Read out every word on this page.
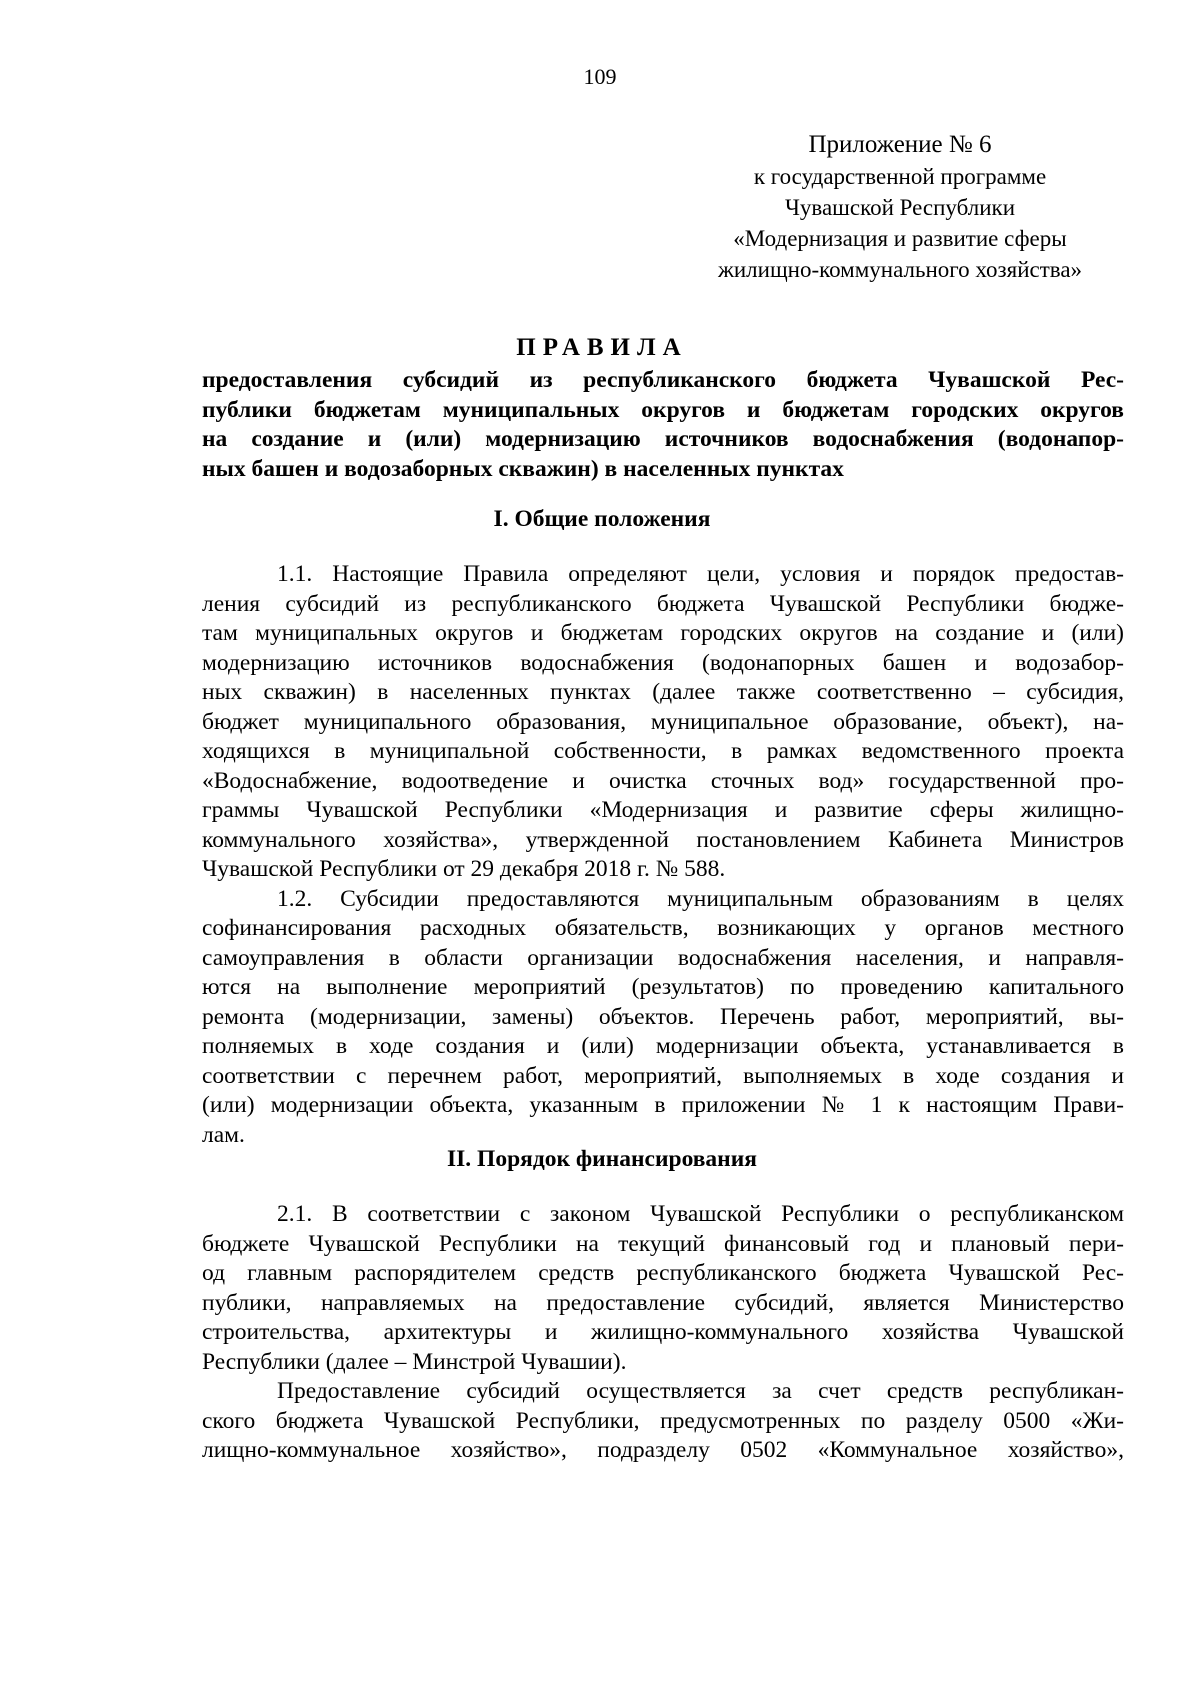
109
Приложение № 6
к государственной программе
Чувашской Республики
«Модернизация и развитие сферы
жилищно-коммунального хозяйства»
ПРАВИЛА
предоставления субсидий из республиканского бюджета Чувашской Рес-
публики бюджетам муниципальных округов и бюджетам городских округов
на создание и (или) модернизацию источников водоснабжения (водонапор-
ных башен и водозаборных скважин) в населенных пунктах
I. Общие положения
1.1. Настоящие Правила определяют цели, условия и порядок предостав-
ления субсидий из республиканского бюджета Чувашской Республики бюдже-
там муниципальных округов и бюджетам городских округов на создание и (или)
модернизацию источников водоснабжения (водонапорных башен и водозабор-
ных скважин) в населенных пунктах (далее также соответственно – субсидия,
бюджет муниципального образования, муниципальное образование, объект), на-
ходящихся в муниципальной собственности, в рамках ведомственного проекта
«Водоснабжение, водоотведение и очистка сточных вод» государственной про-
граммы Чувашской Республики «Модернизация и развитие сферы жилищно-
коммунального хозяйства», утвержденной постановлением Кабинета Министров
Чувашской Республики от 29 декабря 2018 г. № 588.
1.2. Субсидии предоставляются муниципальным образованиям в целях
софинансирования расходных обязательств, возникающих у органов местного
самоуправления в области организации водоснабжения населения, и направля-
ются на выполнение мероприятий (результатов) по проведению капитального
ремонта (модернизации, замены) объектов. Перечень работ, мероприятий, вы-
полняемых в ходе создания и (или) модернизации объекта, устанавливается в
соответствии с перечнем работ, мероприятий, выполняемых в ходе создания и
(или) модернизации объекта, указанным в приложении № 1 к настоящим Прави-
лам.
II. Порядок финансирования
2.1. В соответствии с законом Чувашской Республики о республиканском
бюджете Чувашской Республики на текущий финансовый год и плановый пери-
од главным распорядителем средств республиканского бюджета Чувашской Рес-
публики, направляемых на предоставление субсидий, является Министерство
строительства, архитектуры и жилищно-коммунального хозяйства Чувашской
Республики (далее – Минстрой Чувашии).
Предоставление субсидий осуществляется за счет средств республикан-
ского бюджета Чувашской Республики, предусмотренных по разделу 0500 «Жи-
лищно-коммунальное хозяйство», подразделу 0502 «Коммунальное хозяйство»,
